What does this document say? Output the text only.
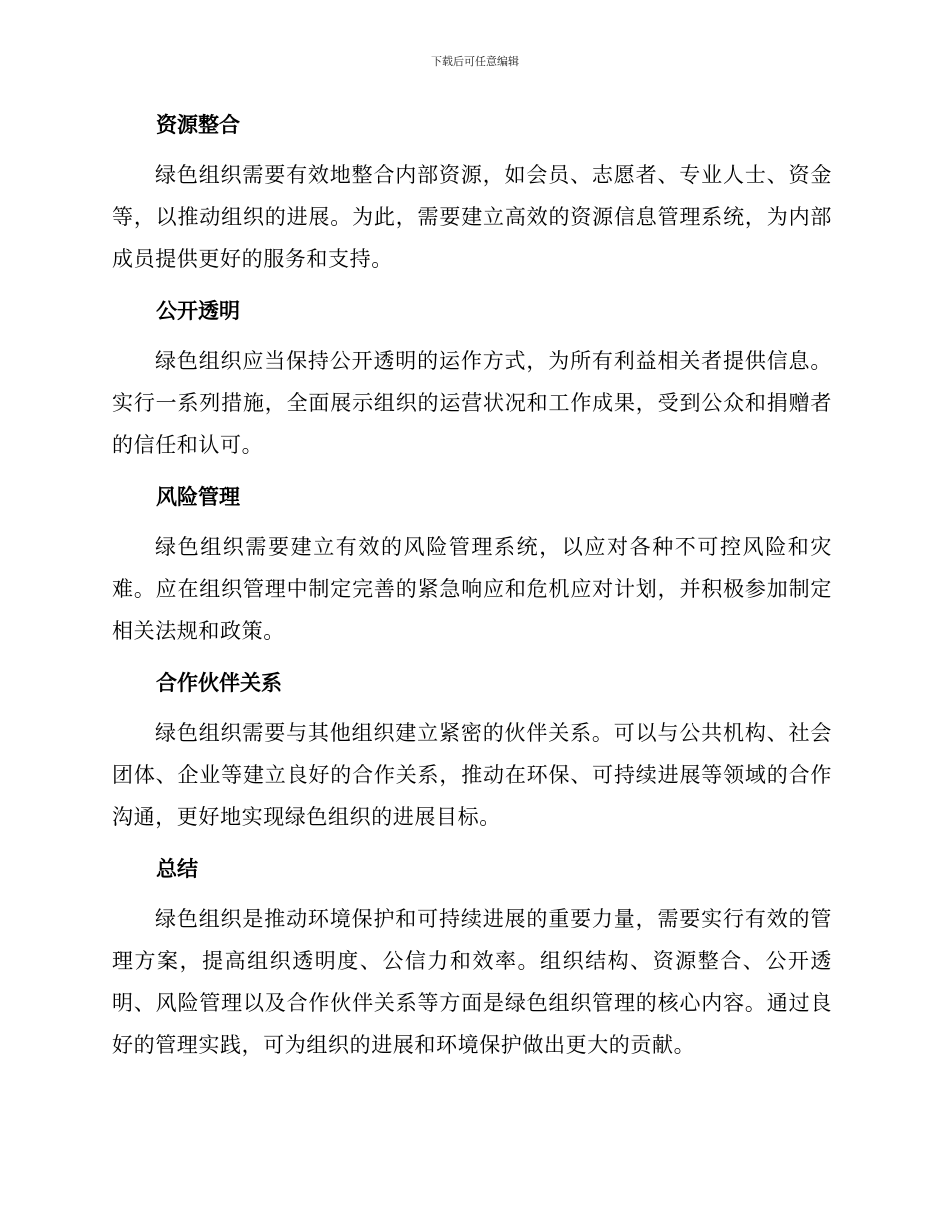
下载后可任意编辑
资源整合

绿色组织需要有效地整合内部资源，如会员、志愿者、专业人士、资金等，以推动组织的进展。为此，需要建立高效的资源信息管理系统，为内部成员提供更好的服务和支持。

公开透明

绿色组织应当保持公开透明的运作方式，为所有利益相关者提供信息。实行一系列措施，全面展示组织的运营状况和工作成果，受到公众和捐赠者的信任和认可。

风险管理

绿色组织需要建立有效的风险管理系统，以应对各种不可控风险和灾难。应在组织管理中制定完善的紧急响应和危机应对计划，并积极参加制定相关法规和政策。

合作伙伴关系

绿色组织需要与其他组织建立紧密的伙伴关系。可以与公共机构、社会团体、企业等建立良好的合作关系，推动在环保、可持续进展等领域的合作沟通，更好地实现绿色组织的进展目标。

总结

绿色组织是推动环境保护和可持续进展的重要力量，需要实行有效的管理方案，提高组织透明度、公信力和效率。组织结构、资源整合、公开透明、风险管理以及合作伙伴关系等方面是绿色组织管理的核心内容。通过良好的管理实践，可为组织的进展和环境保护做出更大的贡献。
